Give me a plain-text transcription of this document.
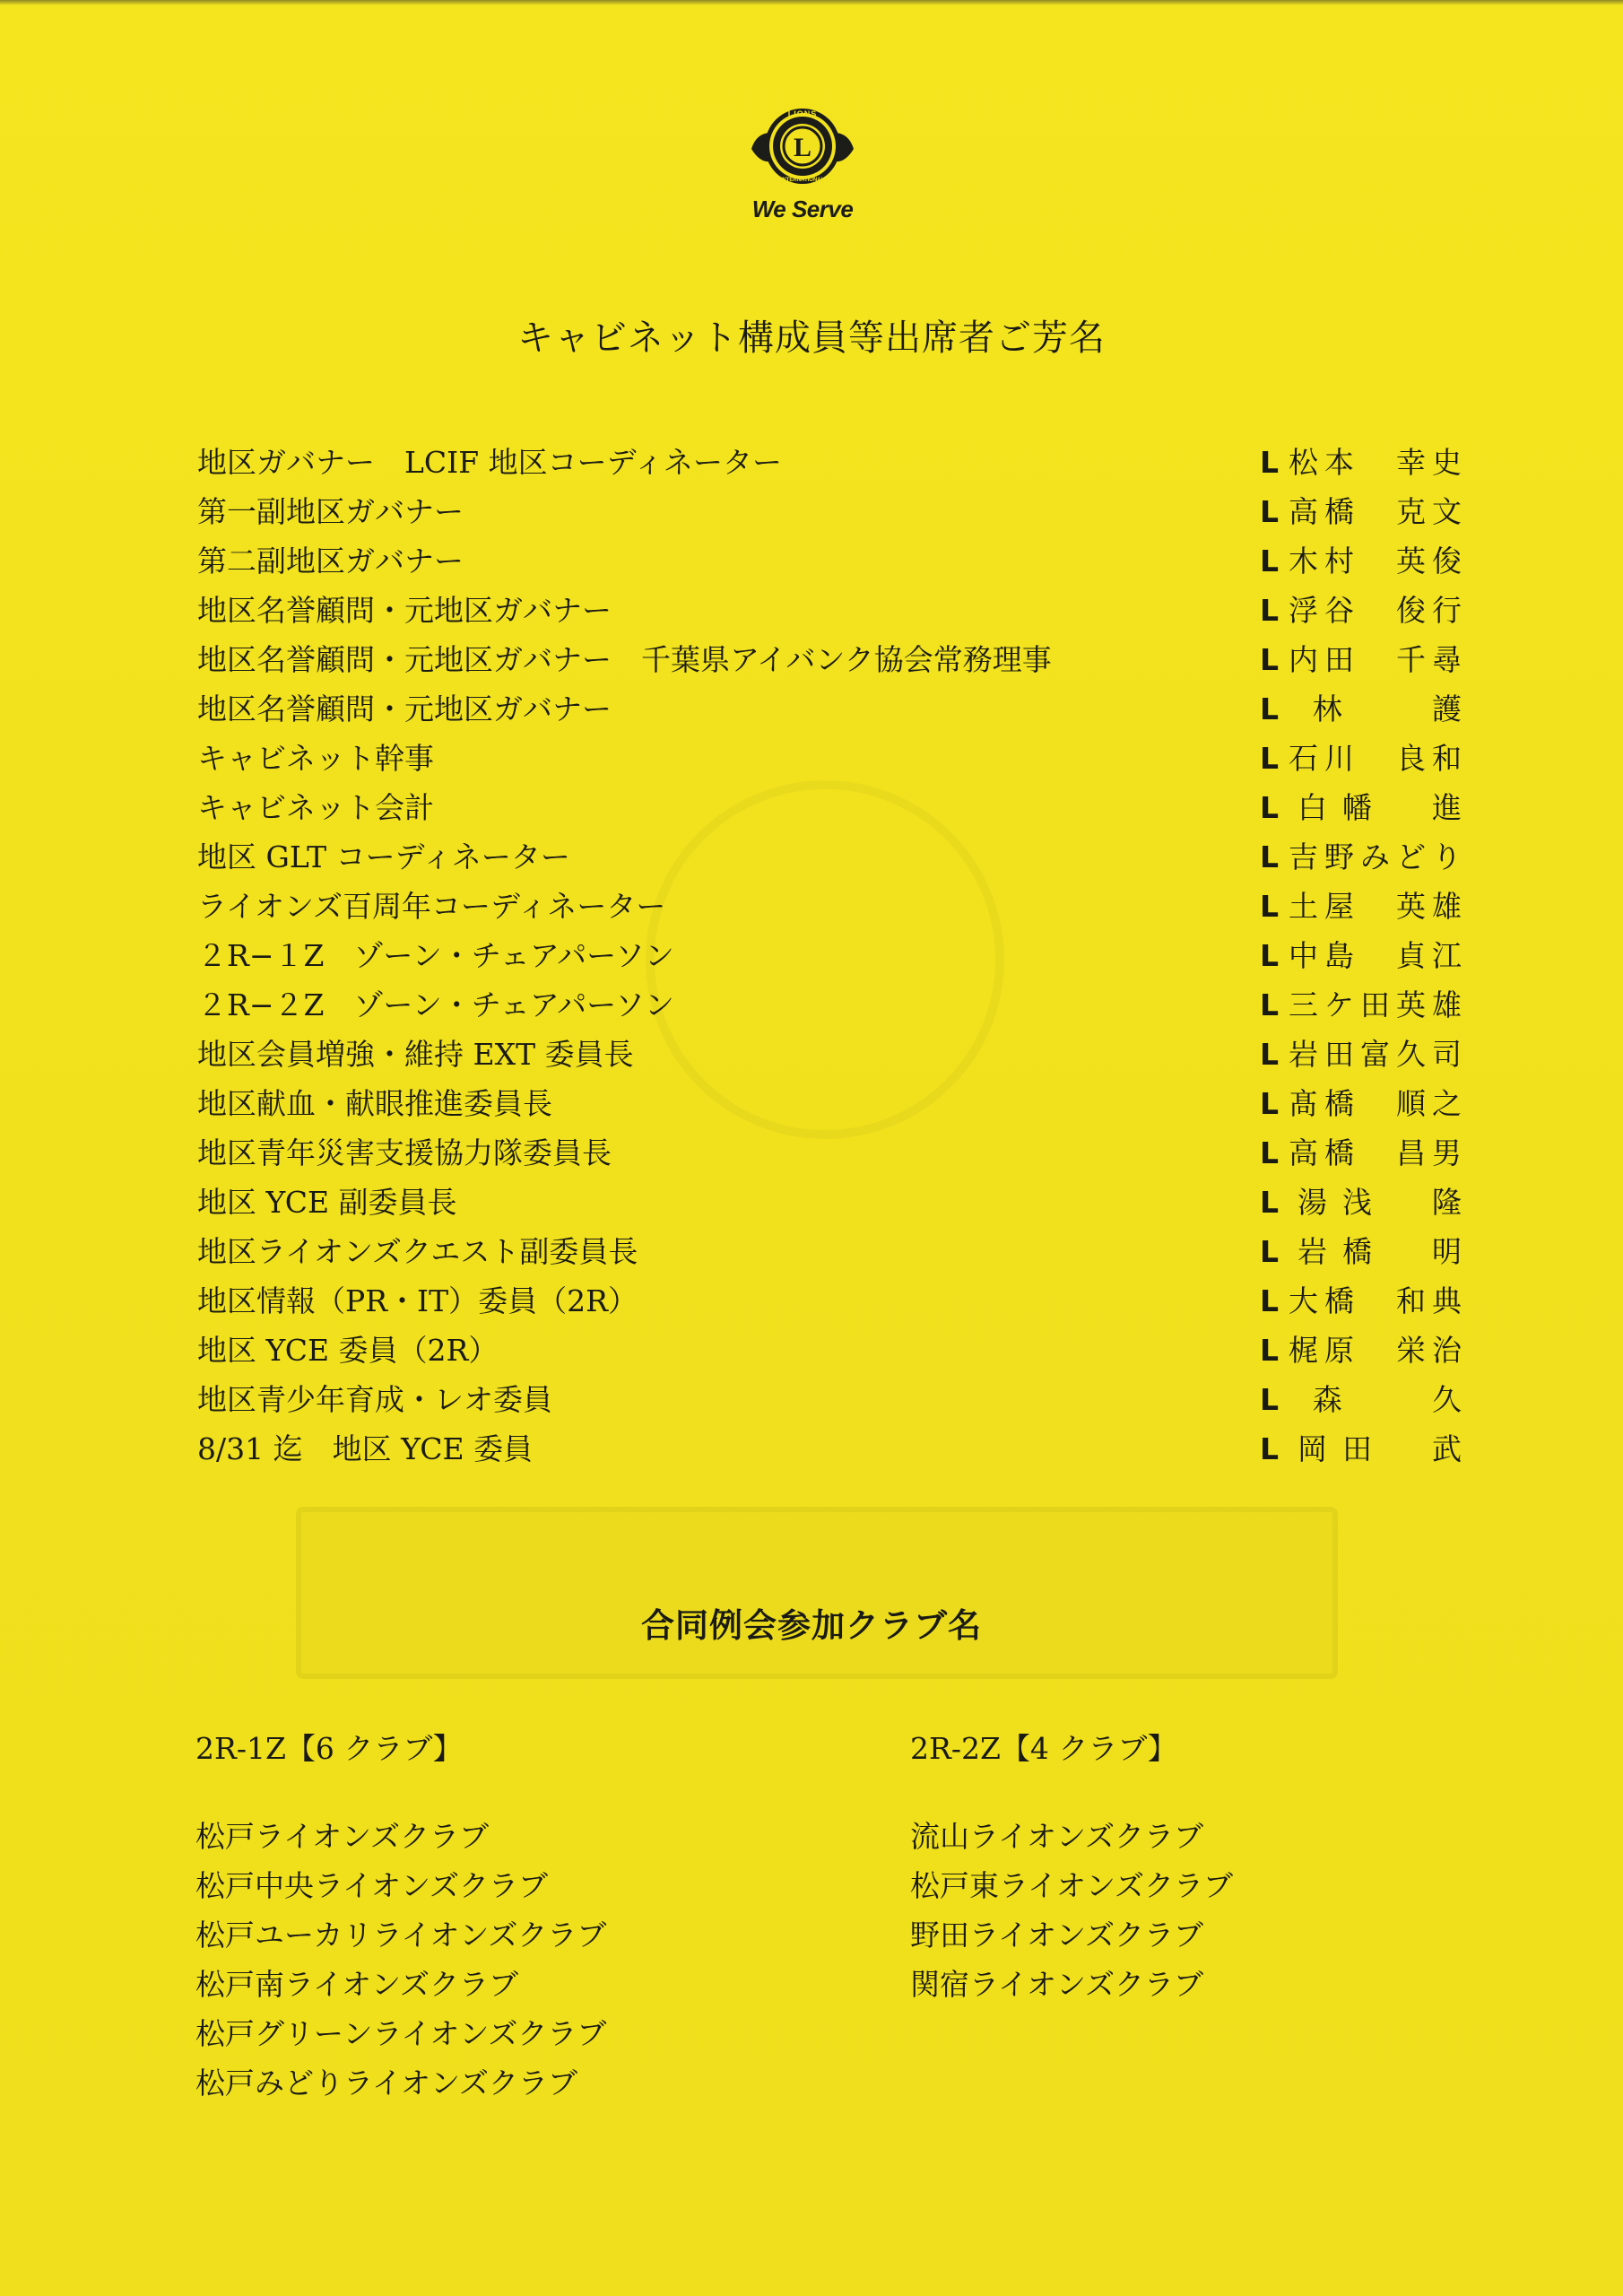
L
LIONS
INTERNATIONAL
We Serve
キャビネット構成員等出席者ご芳名
地区ガバナー　LCIF 地区コーディネーター	L 松本　幸史
第一副地区ガバナー	L 高橋　克文
第二副地区ガバナー	L 木村　英俊
地区名誉顧問・元地区ガバナー	L 浮谷　俊行
地区名誉顧問・元地区ガバナー　千葉県アイバンク協会常務理事	L 内田　千尋
地区名誉顧問・元地区ガバナー	L 林　護
キャビネット幹事	L 石川　良和
キャビネット会計	L 白幡　進
地区 GLT コーディネーター	L 吉野みどり
ライオンズ百周年コーディネーター	L 土屋　英雄
２R−１Z　ゾーン・チェアパーソン	L 中島　貞江
２R−２Z　ゾーン・チェアパーソン	L 三ケ田英雄
地区会員増強・維持 EXT 委員長	L 岩田富久司
地区献血・献眼推進委員長	L 髙橋　順之
地区青年災害支援協力隊委員長	L 高橋　昌男
地区 YCE 副委員長	L 湯浅　隆
地区ライオンズクエスト副委員長	L 岩橋　明
地区情報（PR・IT）委員（2R）	L 大橋　和典
地区 YCE 委員（2R）	L 梶原　栄治
地区青少年育成・レオ委員	L 森　久
8/31 迄　地区 YCE 委員	L 岡田　武
合同例会参加クラブ名
2R-1Z【6 クラブ】
松戸ライオンズクラブ
松戸中央ライオンズクラブ
松戸ユーカリライオンズクラブ
松戸南ライオンズクラブ
松戸グリーンライオンズクラブ
松戸みどりライオンズクラブ
2R-2Z【4 クラブ】
流山ライオンズクラブ
松戸東ライオンズクラブ
野田ライオンズクラブ
関宿ライオンズクラブ
